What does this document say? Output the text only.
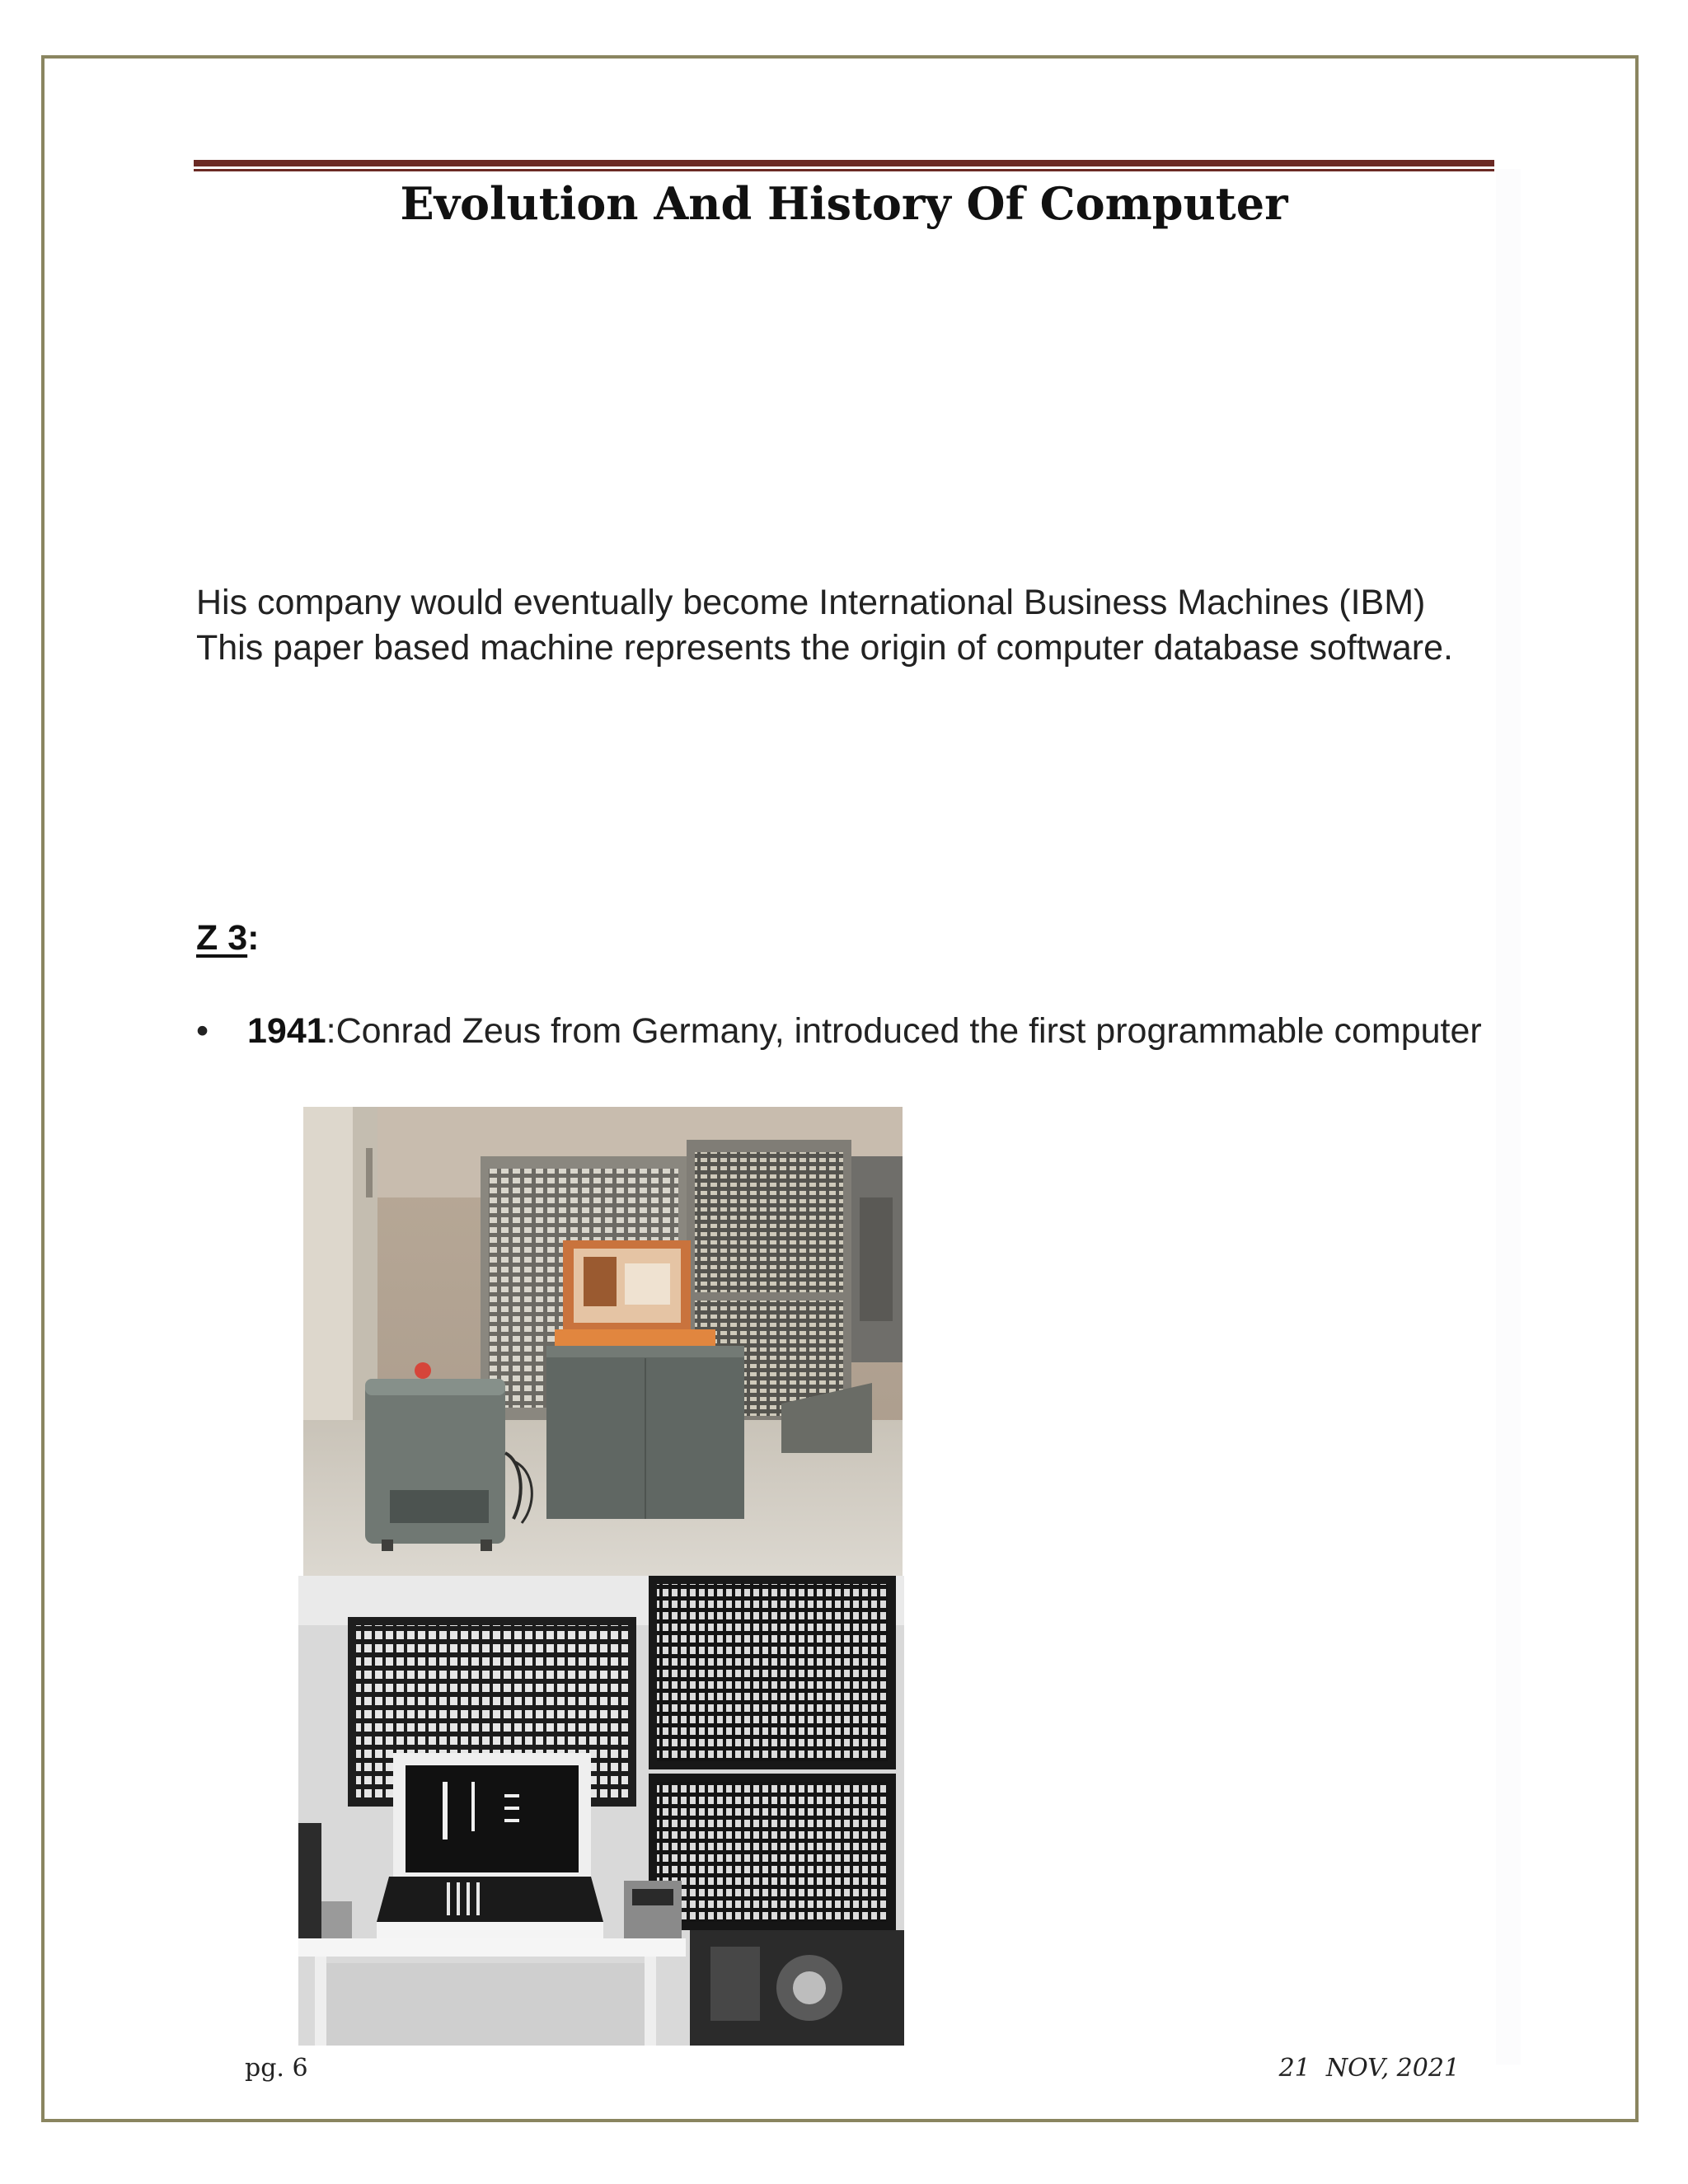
Evolution And History Of Computer

His company would eventually become International Business Machines (IBM) This paper based machine represents the origin of computer database software.

Z 3:
•	1941:Conrad Zeus from Germany, introduced the first programmable computer
pg. 6	21  NOV, 2021
